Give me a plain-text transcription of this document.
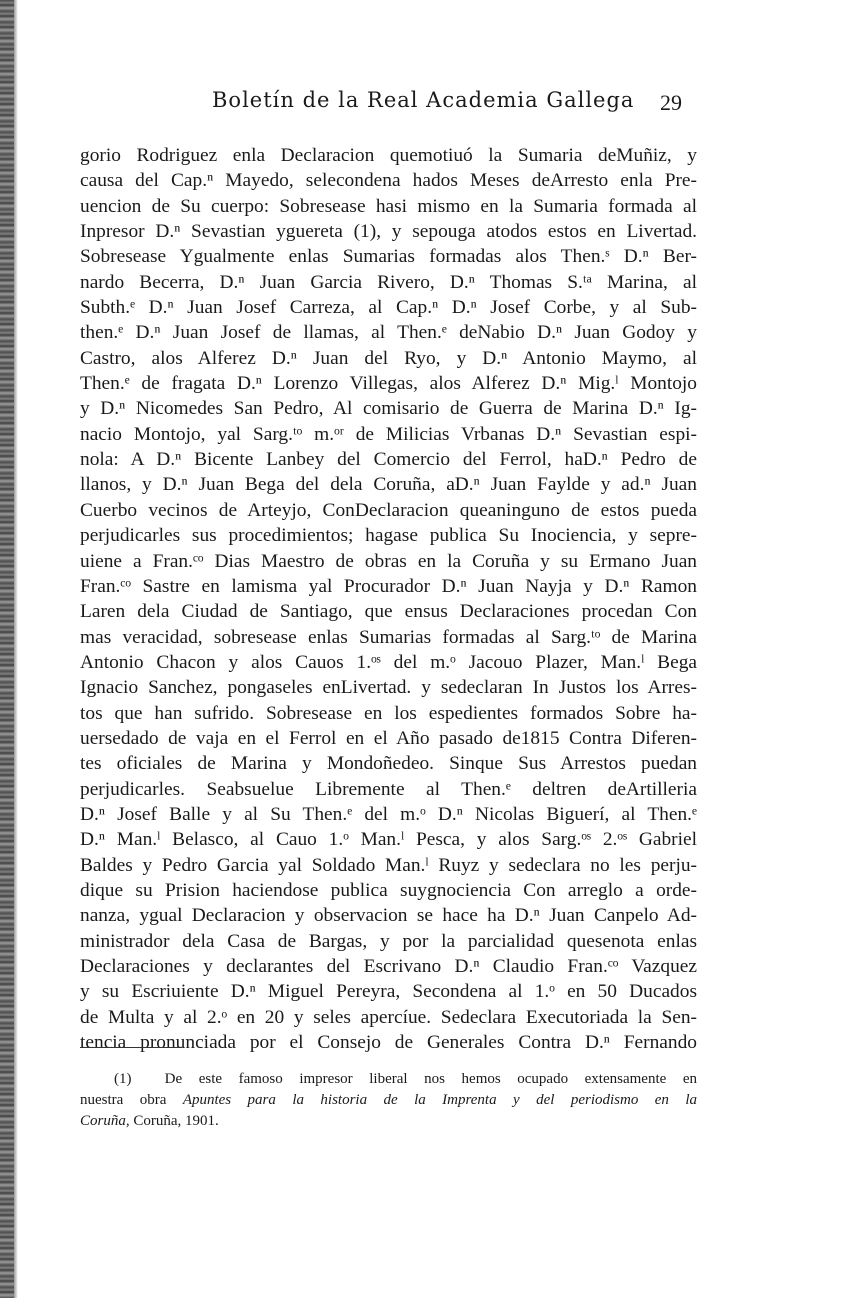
Boletín de la Real Academia Gallega 29
gorio Rodriguez enla Declaracion quemotiuó la Sumaria deMuñiz, y
causa del Cap.ⁿ Mayedo, selecondena hados Meses deArresto enla Pre-
uencion de Su cuerpo: Sobresease hasi mismo en la Sumaria formada al
Inpresor D.ⁿ Sevastian ygueretа (1), y sepouga atodos estos en Livertad.
Sobresease Ygualmente enlas Sumarias formadas alos Then.ˢ D.ⁿ Ber-
nardo Becerra, D.ⁿ Juan Garcia Rivero, D.ⁿ Thomas S.ᵗᵃ Marina, al
Subth.ᵉ D.ⁿ Juan Josef Carreza, al Cap.ⁿ D.ⁿ Josef Corbe, y al Sub-
then.ᵉ D.ⁿ Juan Josef de llamas, al Then.ᵉ deNabio D.ⁿ Juan Godoy y
Castro, alos Alferez D.ⁿ Juan del Ryo, y D.ⁿ Antonio Maymo, al
Then.ᵉ de fragata D.ⁿ Lorenzo Villegas, alos Alferez D.ⁿ Mig.ˡ Montojo
y D.ⁿ Nicomedes San Pedro, Al comisario de Guerra de Marina D.ⁿ Ig-
nacio Montojo, yal Sarg.ᵗᵒ m.ᵒʳ de Milicias Vrbanas D.ⁿ Sevastian espi-
nola: A D.ⁿ Bicente Lanbey del Comercio del Ferrol, haD.ⁿ Pedro de
llanos, y D.ⁿ Juan Bega del dela Coruña, aD.ⁿ Juan Faylde y ad.ⁿ Juan
Cuerbo vecinos de Arteyjo, ConDeclaracion queaninguno de estos pueda
perjudicarles sus procedimientos; hagase publica Su Inociencia, y sepre-
uiene a Fran.ᶜᵒ Dias Maestro de obras en la Coruña y su Ermano Juan
Fran.ᶜᵒ Sastre en lamisma yal Procurador D.ⁿ Juan Nayja y D.ⁿ Ramon
Laren dela Ciudad de Santiago, que ensus Declaraciones procedan Con
mas veracidad, sobresease enlas Sumarias formadas al Sarg.ᵗᵒ de Marina
Antonio Chacon y alos Cauos 1.ᵒˢ del m.ᵒ Jacouo Plazer, Man.ˡ Bega
Ignacio Sanchez, pongaseles enLivertad. y sedeclaran In Justos los Arres-
tos que han sufrido. Sobresease en los espedientes formados Sobre ha-
uersedado de vaja en el Ferrol en el Año pasado de1815 Contra Diferen-
tes oficiales de Marina y Mondoñedeo. Sinque Sus Arrestos puedan
perjudicarles. Seabsuelue Libremente al Then.ᵉ deltren deArtilleria
D.ⁿ Josef Balle y al Su Then.ᵉ del m.ᵒ D.ⁿ Nicolas Biguerí, al Then.ᵉ
D.ⁿ Man.ˡ Belasco, al Cauo 1.ᵒ Man.ˡ Pesca, y alos Sarg.ᵒˢ 2.ᵒˢ Gabriel
Baldes y Pedro Garcia yal Soldado Man.ˡ Ruyz y sedeclara no les perju-
dique su Prision haciendose publica suygnociencia Con arreglo a orde-
nanza, ygual Declaracion y observacion se hace ha D.ⁿ Juan Canpelo Ad-
ministrador dela Casa de Bargas, y por la parcialidad quesenota enlas
Declaraciones y declarantes del Escrivano D.ⁿ Claudio Fran.ᶜᵒ Vazquez
y su Escriuiente D.ⁿ Miguel Pereyra, Secondena al 1.ᵒ en 50 Ducados
de Multa y al 2.ᵒ en 20 y seles apercíue. Sedeclara Executoriada la Sen-
tencia pronunciada por el Consejo de Generales Contra D.ⁿ Fernando
(1) De este famoso impresor liberal nos hemos ocupado extensamente en
nuestra obra Apuntes para la historia de la Imprenta y del periodismo en la
Coruña, Coruña, 1901.
